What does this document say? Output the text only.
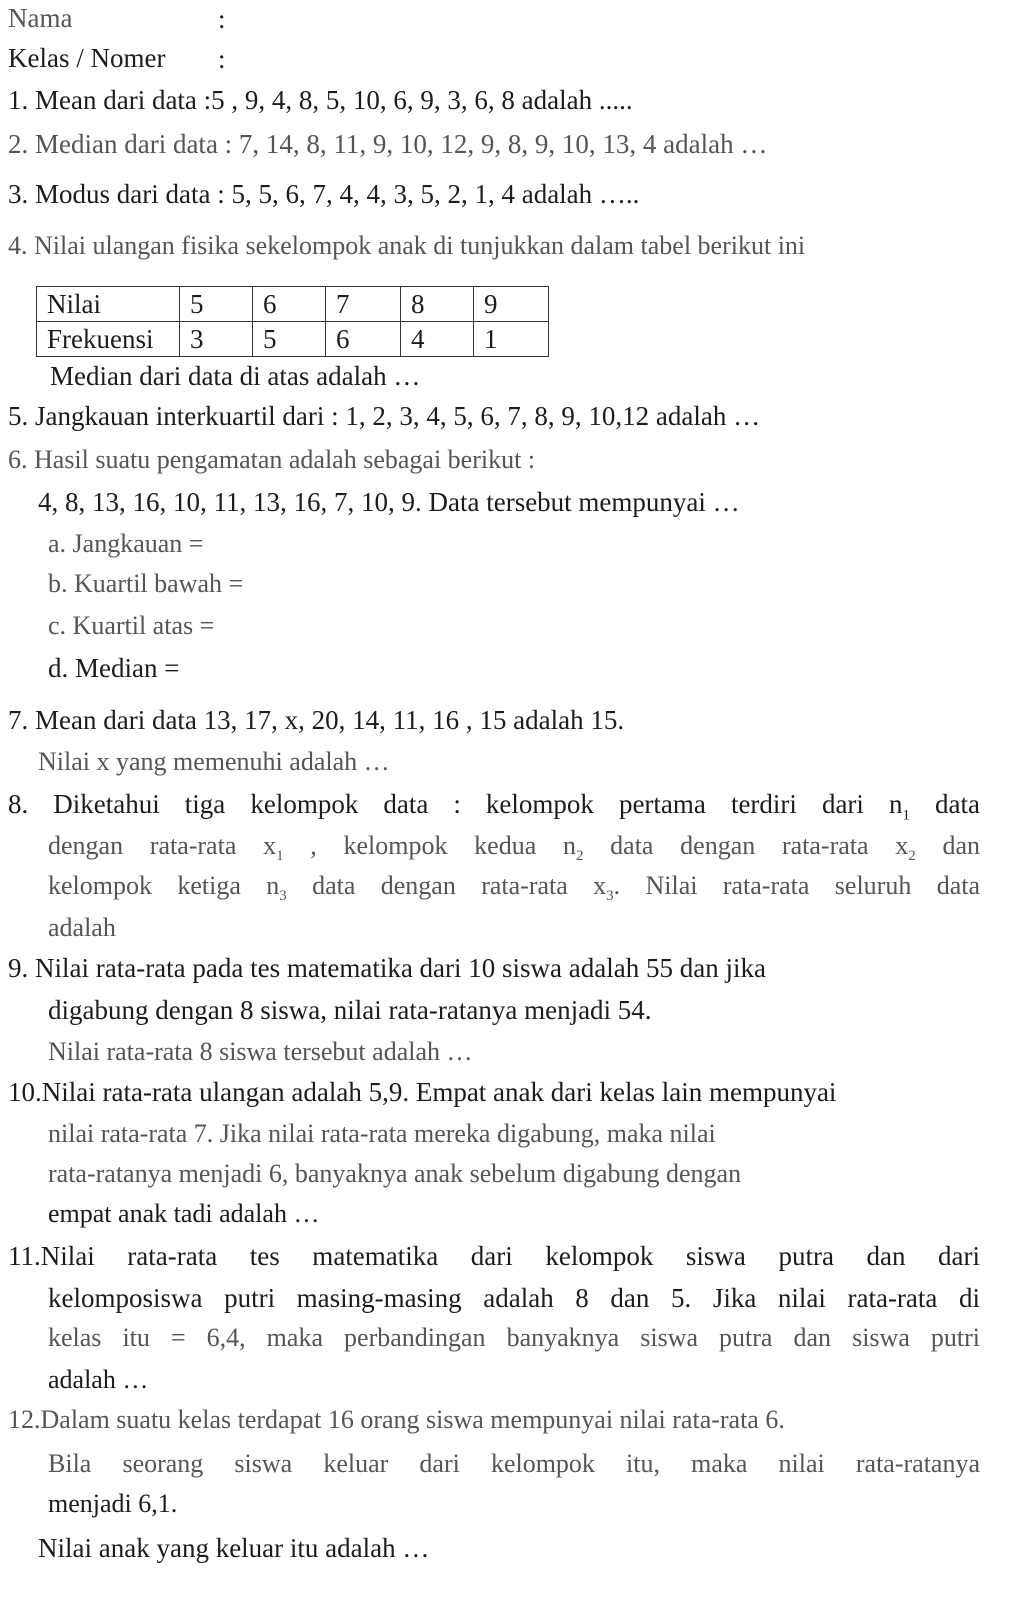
Nama	:
Kelas / Nomer :
1. Mean dari data :5 , 9, 4, 8, 5, 10, 6, 9, 3, 6, 8 adalah .....
2. Median dari data : 7, 14, 8, 11, 9, 10, 12, 9, 8, 9, 10, 13, 4 adalah …
3. Modus dari data : 5, 5, 6, 7, 4, 4, 3, 5, 2, 1, 4 adalah …..
4. Nilai ulangan fisika sekelompok anak di tunjukkan dalam tabel berikut ini
Nilai	5	6	7	8	9
Frekuensi	3	5	6	4	1
Median dari data di atas adalah …
5. Jangkauan interkuartil dari : 1, 2, 3, 4, 5, 6, 7, 8, 9, 10,12 adalah …
6. Hasil suatu pengamatan adalah sebagai berikut :
4, 8, 13, 16, 10, 11, 13, 16, 7, 10, 9. Data tersebut mempunyai …
a. Jangkauan =
b. Kuartil bawah =
c. Kuartil atas =
d. Median =
7. Mean dari data 13, 17, x, 20, 14, 11, 16 , 15 adalah 15.
Nilai x yang memenuhi adalah …
8. Diketahui tiga kelompok data : kelompok pertama terdiri dari $n_1$ data
dengan rata-rata $x_1$ , kelompok kedua $n_2$ data dengan rata-rata $x_2$ dan
kelompok ketiga $n_3$ data dengan rata-rata $x_3$. Nilai rata-rata seluruh data
adalah
9. Nilai rata-rata pada tes matematika dari 10 siswa adalah 55 dan jika
digabung dengan 8 siswa, nilai rata-ratanya menjadi 54.
Nilai rata-rata 8 siswa tersebut adalah …
10.Nilai rata-rata ulangan adalah 5,9. Empat anak dari kelas lain mempunyai
nilai rata-rata 7. Jika nilai rata-rata mereka digabung, maka nilai
rata-ratanya menjadi 6, banyaknya anak sebelum digabung dengan
empat anak tadi adalah …
11.Nilai rata-rata tes matematika dari kelompok siswa putra dan dari
kelomposiswa putri masing-masing adalah 8 dan 5. Jika nilai rata-rata di
kelas itu = 6,4, maka perbandingan banyaknya siswa putra dan siswa putri
adalah …
12.Dalam suatu kelas terdapat 16 orang siswa mempunyai nilai rata-rata 6.
Bila seorang siswa keluar dari kelompok itu, maka nilai rata-ratanya
menjadi 6,1.
Nilai anak yang keluar itu adalah …
